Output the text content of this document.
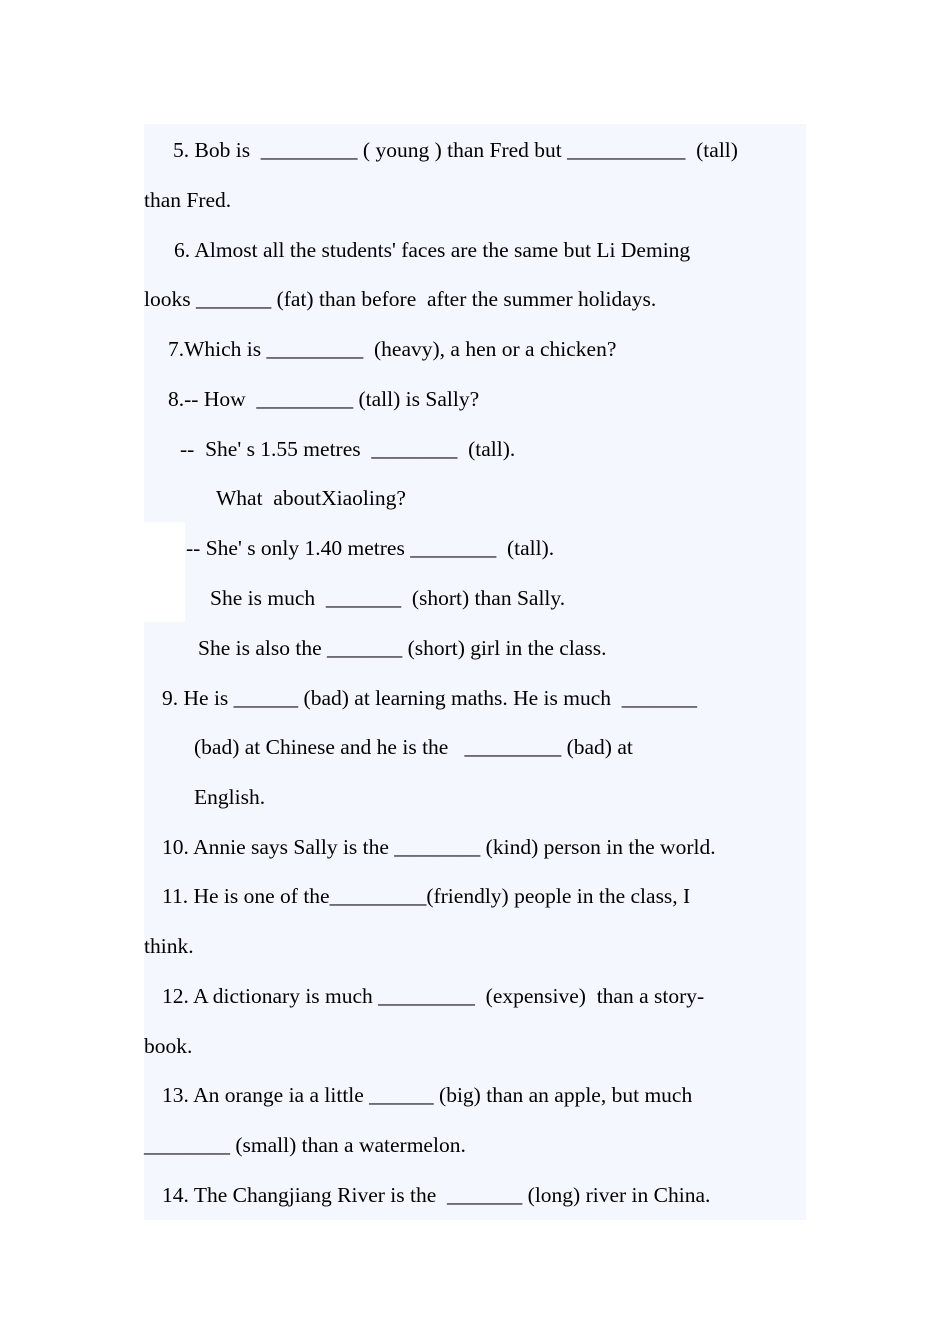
5. Bob is  _________ ( young ) than Fred but ___________  (tall)
than Fred.
6. Almost all the students' faces are the same but Li Deming
looks _______ (fat) than before  after the summer holidays.
7.Which is _________  (heavy), a hen or a chicken?
8.-- How  _________ (tall) is Sally?
--  She' s 1.55 metres  ________  (tall).
What  aboutXiaoling?
-- She' s only 1.40 metres ________  (tall).
She is much  _______  (short) than Sally.
She is also the _______ (short) girl in the class.
9. He is ______ (bad) at learning maths. He is much  _______
(bad) at Chinese and he is the   _________ (bad) at
English.
10. Annie says Sally is the ________ (kind) person in the world.
11. He is one of the_________(friendly) people in the class, I
think.
12. A dictionary is much _________  (expensive)  than a story-
book.
13. An orange ia a little ______ (big) than an apple, but much
________ (small) than a watermelon.
14. The Changjiang River is the  _______ (long) river in China.
